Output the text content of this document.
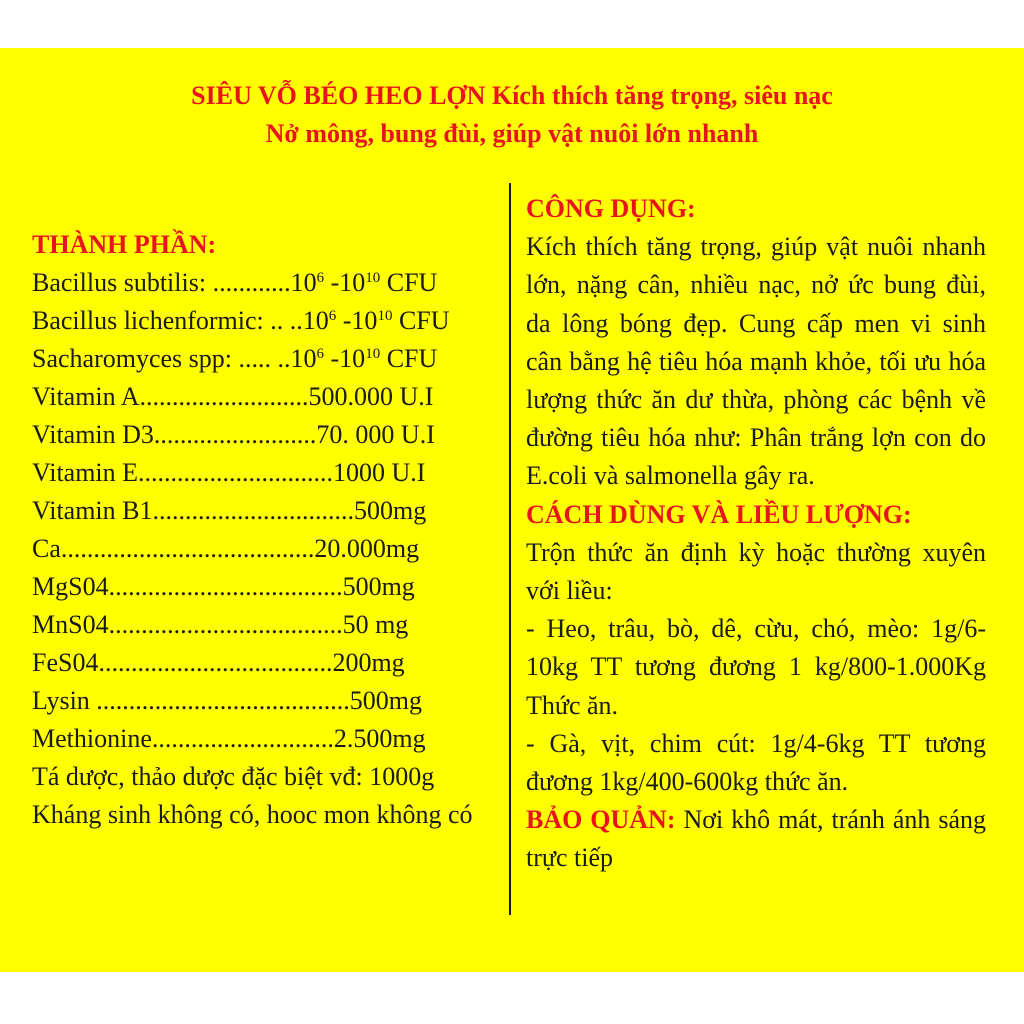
SIÊU VỖ BÉO HEO LỢN Kích thích tăng trọng, siêu nạc
Nở mông, bung đùi, giúp vật nuôi lớn nhanh
THÀNH PHẦN:
Bacillus subtilis: ............10$^6$ $-10^{10}$ CFU
Bacillus lichenformic: .. ..10$^6$ $-10^{10}$ CFU
Sacharomyces spp: ..... ..10$^6$ $-10^{10}$ CFU
Vitamin A..........................500.000 U.I
Vitamin D3.........................70. 000 U.I
Vitamin E..............................1000 U.I
Vitamin B1...............................500mg
Ca.......................................20.000mg
MgS04....................................500mg
MnS04....................................50 mg
FeS04....................................200mg
Lysin .......................................500mg
Methionine............................2.500mg
Tá dược, thảo dược đặc biệt vđ: 1000g
Kháng sinh không có, hooc mon không có
CÔNG DỤNG:

Kích thích tăng trọng, giúp vật nuôi nhanh lớn, nặng cân, nhiều nạc, nở ức bung đùi, da lông bóng đẹp. Cung cấp men vi sinh cân bằng hệ tiêu hóa mạnh khỏe, tối ưu hóa lượng thức ăn dư thừa, phòng các bệnh về đường tiêu hóa như: Phân trắng lợn con do E.coli và salmonella gây ra.

CÁCH DÙNG VÀ LIỀU LƯỢNG:

Trộn thức ăn định kỳ hoặc thường xuyên với liều:

- Heo, trâu, bò, dê, cừu, chó, mèo: 1g/6-10kg TT tương đương 1 kg/800-1.000Kg Thức ăn.

- Gà, vịt, chim cút: 1g/4-6kg TT tương đương 1kg/400-600kg thức ăn.

BẢO QUẢN: Nơi khô mát, tránh ánh sáng trực tiếp
